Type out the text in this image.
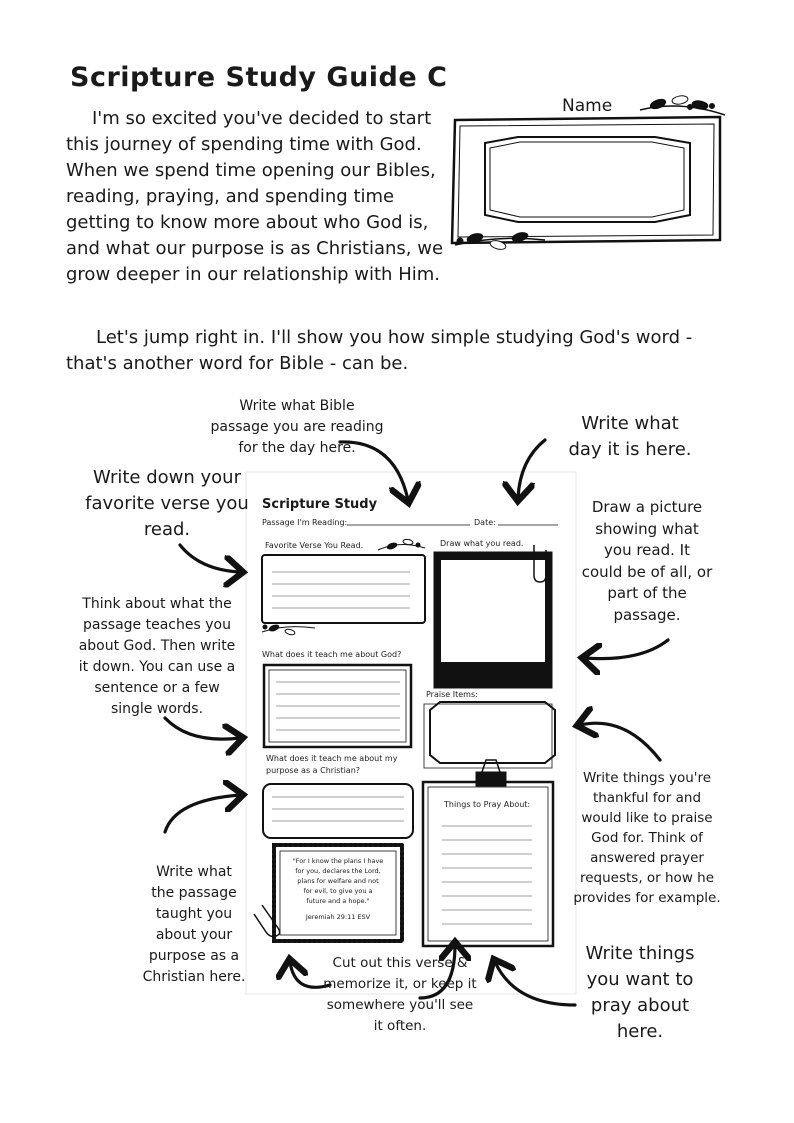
Scripture Study Guide C
I'm so excited you've decided to start this journey of spending time with God. When we spend time opening our Bibles, reading, praying, and spending time getting to know more about who God is, and what our purpose is as Christians, we grow deeper in our relationship with Him.
Let's jump right in. I'll show you how simple studying God's word - that's another word for Bible - can be.
Name
Scripture Study
Passage I'm Reading:	Date:
Favorite Verse You Read.	Draw what you read.
What does it teach me about God?
Praise Items:
What does it teach me about my
purpose as a Christian?
Things to Pray About:
"For I know the plans I have
for you, declares the Lord,
plans for welfare and not
for evil, to give you a
future and a hope."
Jeremiah 29:11 ESV
Write what Bible
passage you are reading
for the day here.
Write what
day it is here.
Write down your
favorite verse you
read.
Draw a picture
showing what
you read. It
could be of all, or
part of the
passage.
Think about what the
passage teaches you
about God. Then write
it down. You can use a
sentence or a few
single words.
Write things you're
thankful for and
would like to praise
God for. Think of
answered prayer
requests, or how he
provides for example.
Write what
the passage
taught you
about your
purpose as a
Christian here.
Cut out this verse &
memorize it, or keep it
somewhere you'll see
it often.
Write things
you want to
pray about
here.
